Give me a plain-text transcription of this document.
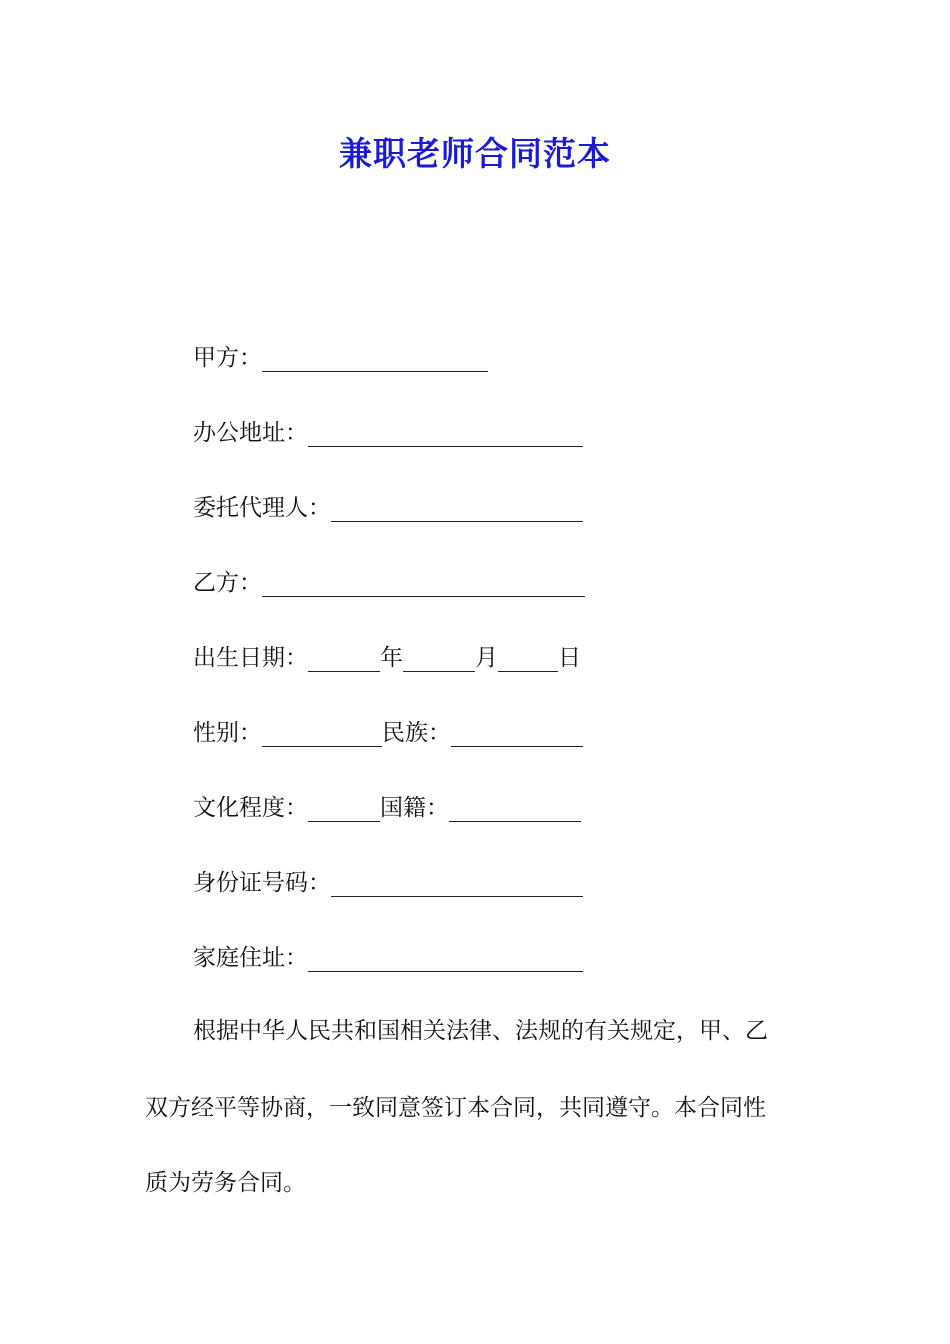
兼职老师合同范本
甲方：
办公地址：
委托代理人：
乙方：
出生日期：	年	月	日
性别：	民族：
文化程度：	国籍：
身份证号码：
家庭住址：
根据中华人民共和国相关法律、法规的有关规定，甲、乙
双方经平等协商，一致同意签订本合同，共同遵守。本合同性
质为劳务合同。
